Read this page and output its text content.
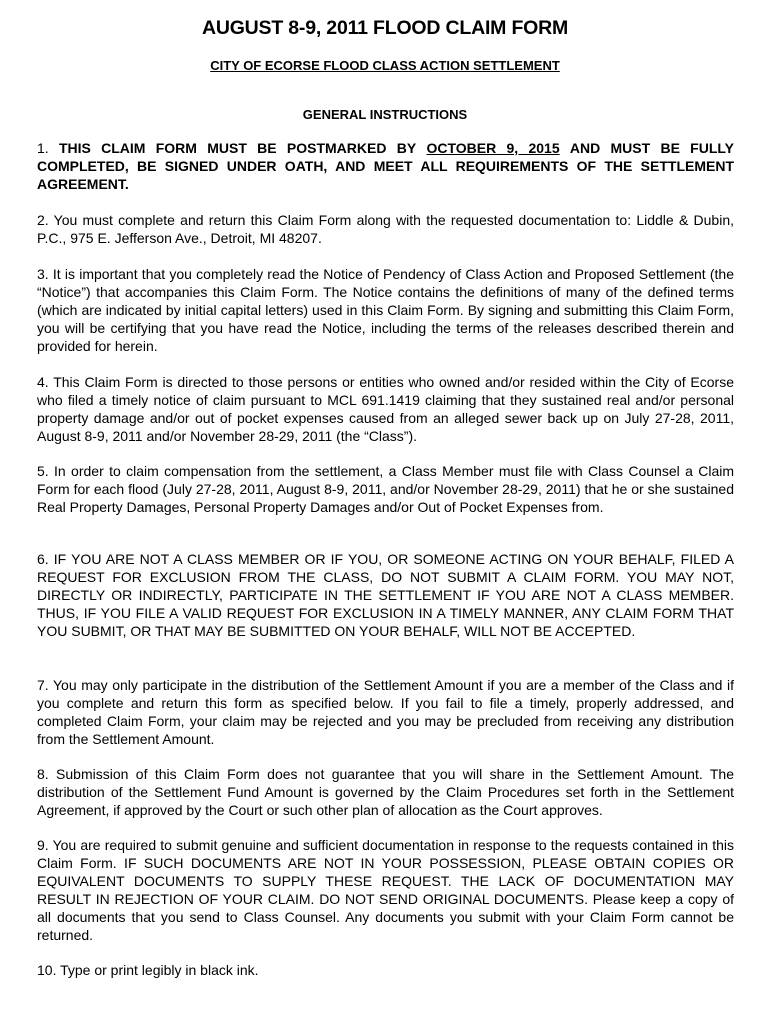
AUGUST 8-9, 2011 FLOOD CLAIM FORM
CITY OF ECORSE FLOOD CLASS ACTION SETTLEMENT
GENERAL INSTRUCTIONS

1. THIS CLAIM FORM MUST BE POSTMARKED BY OCTOBER 9, 2015 AND MUST BE FULLY COMPLETED, BE SIGNED UNDER OATH, AND MEET ALL REQUIREMENTS OF THE SETTLEMENT AGREEMENT.

2. You must complete and return this Claim Form along with the requested documentation to: Liddle & Dubin, P.C., 975 E. Jefferson Ave., Detroit, MI 48207.

3. It is important that you completely read the Notice of Pendency of Class Action and Proposed Settlement (the “Notice”) that accompanies this Claim Form. The Notice contains the definitions of many of the defined terms (which are indicated by initial capital letters) used in this Claim Form. By signing and submitting this Claim Form, you will be certifying that you have read the Notice, including the terms of the releases described therein and provided for herein.

4. This Claim Form is directed to those persons or entities who owned and/or resided within the City of Ecorse who filed a timely notice of claim pursuant to MCL 691.1419 claiming that they sustained real and/or personal property damage and/or out of pocket expenses caused from an alleged sewer back up on July 27-28, 2011, August 8-9, 2011 and/or November 28-29, 2011 (the “Class”).

5. In order to claim compensation from the settlement, a Class Member must file with Class Counsel a Claim Form for each flood (July 27-28, 2011, August 8-9, 2011, and/or November 28-29, 2011) that he or she sustained Real Property Damages, Personal Property Damages and/or Out of Pocket Expenses from.

6. IF YOU ARE NOT A CLASS MEMBER OR IF YOU, OR SOMEONE ACTING ON YOUR BEHALF, FILED A REQUEST FOR EXCLUSION FROM THE CLASS, DO NOT SUBMIT A CLAIM FORM. YOU MAY NOT, DIRECTLY OR INDIRECTLY, PARTICIPATE IN THE SETTLEMENT IF YOU ARE NOT A CLASS MEMBER. THUS, IF YOU FILE A VALID REQUEST FOR EXCLUSION IN A TIMELY MANNER, ANY CLAIM FORM THAT YOU SUBMIT, OR THAT MAY BE SUBMITTED ON YOUR BEHALF, WILL NOT BE ACCEPTED.

7. You may only participate in the distribution of the Settlement Amount if you are a member of the Class and if you complete and return this form as specified below. If you fail to file a timely, properly addressed, and completed Claim Form, your claim may be rejected and you may be precluded from receiving any distribution from the Settlement Amount.

8. Submission of this Claim Form does not guarantee that you will share in the Settlement Amount. The distribution of the Settlement Fund Amount is governed by the Claim Procedures set forth in the Settlement Agreement, if approved by the Court or such other plan of allocation as the Court approves.

9. You are required to submit genuine and sufficient documentation in response to the requests contained in this Claim Form. IF SUCH DOCUMENTS ARE NOT IN YOUR POSSESSION, PLEASE OBTAIN COPIES OR EQUIVALENT DOCUMENTS TO SUPPLY THESE REQUEST. THE LACK OF DOCUMENTATION MAY RESULT IN REJECTION OF YOUR CLAIM. DO NOT SEND ORIGINAL DOCUMENTS. Please keep a copy of all documents that you send to Class Counsel. Any documents you submit with your Claim Form cannot be returned.

10. Type or print legibly in black ink.
